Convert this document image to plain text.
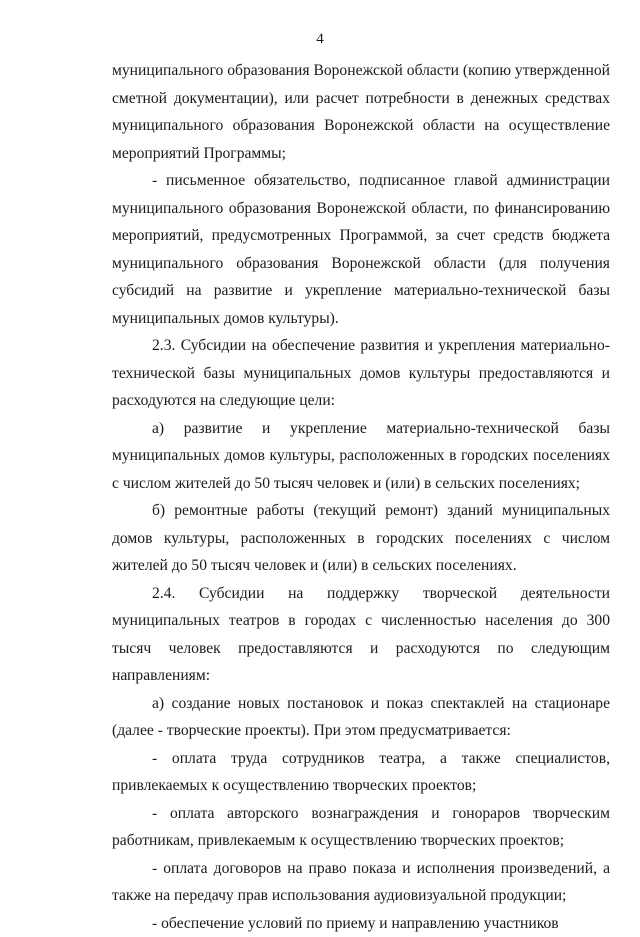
4

муниципального образования Воронежской области (копию утвержденной сметной документации), или расчет потребности в денежных средствах муниципального образования Воронежской области на осуществление мероприятий Программы;

- письменное обязательство, подписанное главой администрации муниципального образования Воронежской области, по финансированию мероприятий, предусмотренных Программой, за счет средств бюджета муниципального образования Воронежской области (для получения субсидий на развитие и укрепление материально-технической базы муниципальных домов культуры).

2.3. Субсидии на обеспечение развития и укрепления материально-технической базы муниципальных домов культуры предоставляются и расходуются на следующие цели:

а) развитие и укрепление материально-технической базы муниципальных домов культуры, расположенных в городских поселениях с числом жителей до 50 тысяч человек и (или) в сельских поселениях;

б) ремонтные работы (текущий ремонт) зданий муниципальных домов культуры, расположенных в городских поселениях с числом жителей до 50 тысяч человек и (или) в сельских поселениях.

2.4. Субсидии на поддержку творческой деятельности муниципальных театров в городах с численностью населения до 300 тысяч человек предоставляются и расходуются по следующим направлениям:

а) создание новых постановок и показ спектаклей на стационаре (далее - творческие проекты). При этом предусматривается:

- оплата труда сотрудников театра, а также специалистов, привлекаемых к осуществлению творческих проектов;

- оплата авторского вознаграждения и гонораров творческим работникам, привлекаемым к осуществлению творческих проектов;

- оплата договоров на право показа и исполнения произведений, а также на передачу прав использования аудиовизуальной продукции;

- обеспечение условий по приему и направлению участников
